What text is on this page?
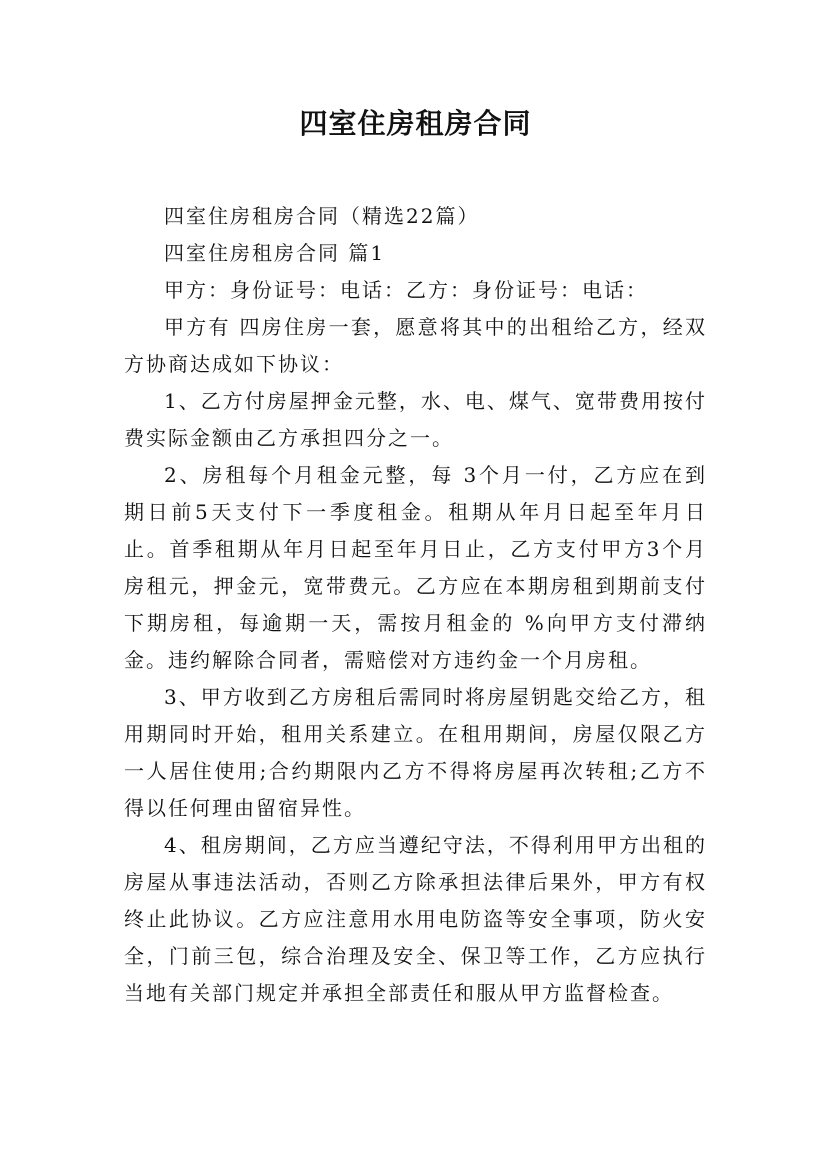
四室住房租房合同

四室住房租房合同（精选22篇）

四室住房租房合同 篇1

甲方：身份证号：电话：乙方：身份证号：电话：

甲方有 四房住房一套，愿意将其中的出租给乙方，经双方协商达成如下协议：

1、乙方付房屋押金元整，水、电、煤气、宽带费用按付费实际金额由乙方承担四分之一。

2、房租每个月租金元整，每 3个月一付，乙方应在到期日前5天支付下一季度租金。租期从年月日起至年月日止。首季租期从年月日起至年月日止，乙方支付甲方3个月房租元，押金元，宽带费元。乙方应在本期房租到期前支付下期房租，每逾期一天，需按月租金的 %向甲方支付滞纳金。违约解除合同者，需赔偿对方违约金一个月房租。

3、甲方收到乙方房租后需同时将房屋钥匙交给乙方，租用期同时开始，租用关系建立。在租用期间，房屋仅限乙方一人居住使用;合约期限内乙方不得将房屋再次转租;乙方不得以任何理由留宿异性。

4、租房期间，乙方应当遵纪守法，不得利用甲方出租的房屋从事违法活动，否则乙方除承担法律后果外，甲方有权终止此协议。乙方应注意用水用电防盗等安全事项，防火安全，门前三包，综合治理及安全、保卫等工作，乙方应执行当地有关部门规定并承担全部责任和服从甲方监督检查。
